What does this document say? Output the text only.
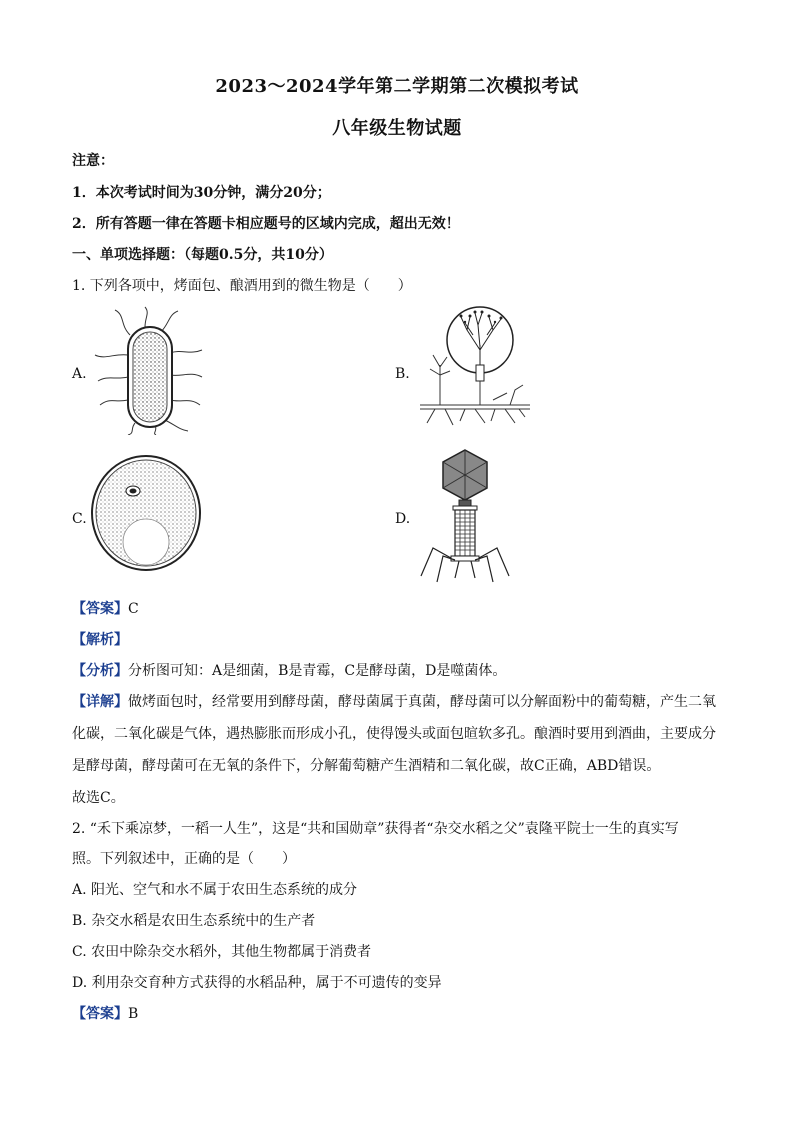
2023～2024学年第二学期第二次模拟考试
八年级生物试题
注意：
1．本次考试时间为30分钟，满分20分；
2．所有答题一律在答题卡相应题号的区域内完成，超出无效！
一、单项选择题：（每题0.5分，共10分）
1. 下列各项中，烤面包、酿酒用到的微生物是（　　）
A.	B.
C.	D.
【答案】C
【解析】
【分析】分析图可知：A是细菌，B是青霉，C是酵母菌，D是噬菌体。
【详解】做烤面包时，经常要用到酵母菌，酵母菌属于真菌，酵母菌可以分解面粉中的葡萄糖，产生二氧
化碳，二氧化碳是气体，遇热膨胀而形成小孔，使得馒头或面包暄软多孔。酿酒时要用到酒曲，主要成分
是酵母菌，酵母菌可在无氧的条件下，分解葡萄糖产生酒精和二氧化碳，故C正确，ABD错误。
故选C。
2. “禾下乘凉梦，一稻一人生”，这是“共和国勋章”获得者“杂交水稻之父”袁隆平院士一生的真实写
照。下列叙述中，正确的是（　　）
A. 阳光、空气和水不属于农田生态系统的成分
B. 杂交水稻是农田生态系统中的生产者
C. 农田中除杂交水稻外，其他生物都属于消费者
D. 利用杂交育种方式获得的水稻品种，属于不可遗传的变异
【答案】B
